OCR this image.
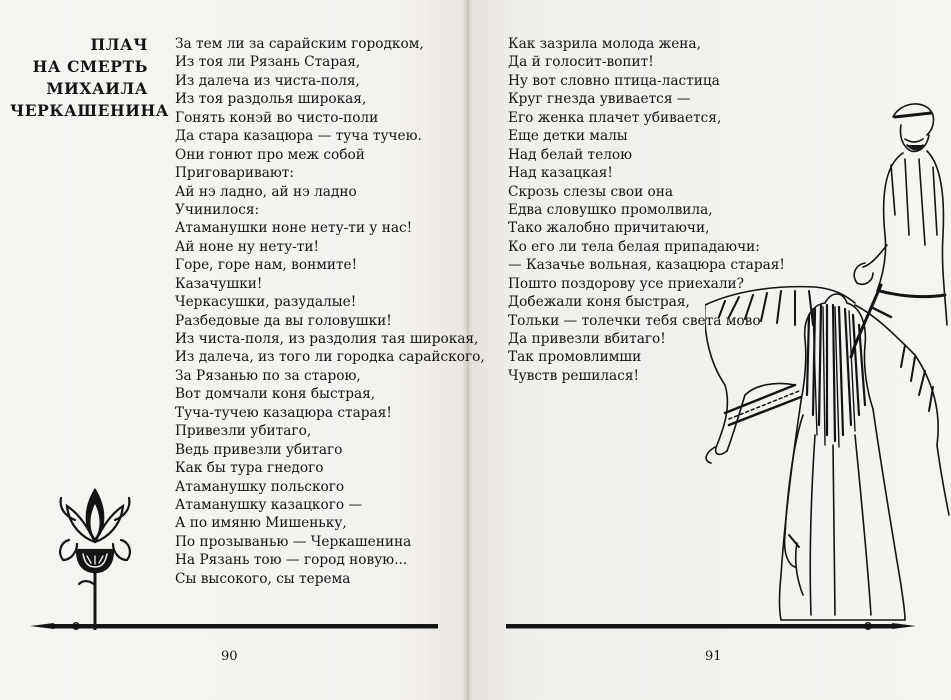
ПЛАЧ
НА СМЕРТЬ
МИХАИЛА
ЧЕРКАШЕНИНА
За тем ли за сарайским городком,
Из тоя ли Рязань Старая,
Из далеча из чиста-поля,
Из тоя раздолья широкая,
Гонять конэй во чисто-поли
Да стара казацюра — туча тучею.
Они гонют про меж собой
Приговаривают:
Ай нэ ладно, ай нэ ладно
Учинилося:
Атаманушки ноне нету-ти у нас!
Ай ноне ну нету-ти!
Горе, горе нам, вонмите!
Казачушки!
Черкасушки, разудалые!
Разбедовые да вы головушки!
Из чиста-поля, из раздолия тая широкая,
Из далеча, из того ли городка сарайского,
За Рязанью по за старою,
Вот домчали коня быстрая,
Туча-тучею казацюра старая!
Привезли убитаго,
Ведь привезли убитаго
Как бы тура гнедого
Атаманушку польского
Атаманушку казацкого —
А по имяню Мишеньку,
По прозыванью — Черкашенина
На Рязань тою — город новую...
Сы высокого, сы терема
Как зазрила молода жена,
Да й голосит-вопит!
Ну вот словно птица-ластица
Круг гнезда увивается —
Его женка плачет убивается,
Еще детки малы
Над белай телою
Над казацкая!
Скрозь слезы свои она
Едва словушко промолвила,
Тако жалобно причитаючи,
Ко его ли тела белая припадаючи:
— Казачье вольная, казацюра старая!
Пошто поздорову усе приехали?
Добежали коня быстрая,
Тольки — толечки тебя света мово
Да привезли вбитаго!
Так промовлимши
Чувств решилася!
90	91
